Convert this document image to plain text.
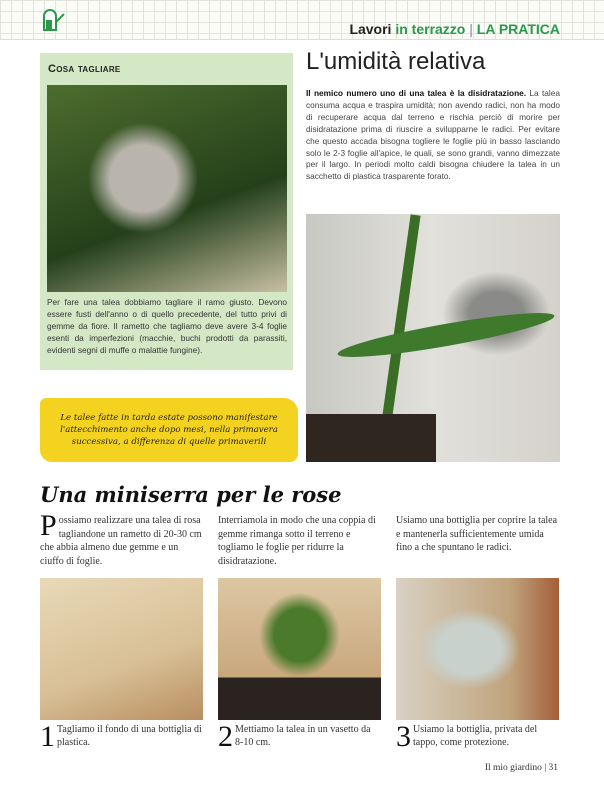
Lavori in terrazzo | LA PRATICA
Cosa tagliare
Per fare una talea dobbiamo tagliare il ramo giusto. Devono essere fusti dell'anno o di quello precedente, del tutto privi di gemme da fiore. Il rametto che tagliamo deve avere 3-4 foglie esenti da imperfezioni (macchie, buchi prodotti da parassiti, evidenti segni di muffe o malattie fungine).
Le talee fatte in tarda estate possono manifestare l'attecchimento anche dopo mesi, nella primavera successiva, a differenza di quelle primaverili
L'umidità relativa

Il nemico numero uno di una talea è la disidratazione. La talea consuma acqua e traspira umidità; non avendo radici, non ha modo di recuperare acqua dal terreno e rischia perciò di morire per disidratazione prima di riuscire a svilupparne le radici. Per evitare che questo accada bisogna togliere le foglie più in basso lasciando solo le 2-3 foglie all'apice, le quali, se sono grandi, vanno dimezzate per il largo. In periodi molto caldi bisogna chiudere la talea in un sacchetto di plastica trasparente forato.

Una miniserra per le rose

Possiamo realizzare una talea di rosa tagliandone un rametto di 20-30 cm che abbia almeno due gemme e un ciuffo di foglie.

Interriamola in modo che una coppia di gemme rimanga sotto il terreno e togliamo le foglie per ridurre la disidratazione.

Usiamo una bottiglia per coprire la talea e mantenerla sufficientemente umida fino a che spuntano le radici.

1 Tagliamo il fondo di una bottiglia di plastica.	2 Mettiamo la talea in un vasetto da 8-10 cm.	3 Usiamo la bottiglia, privata del tappo, come protezione.

Il mio giardino | 31
